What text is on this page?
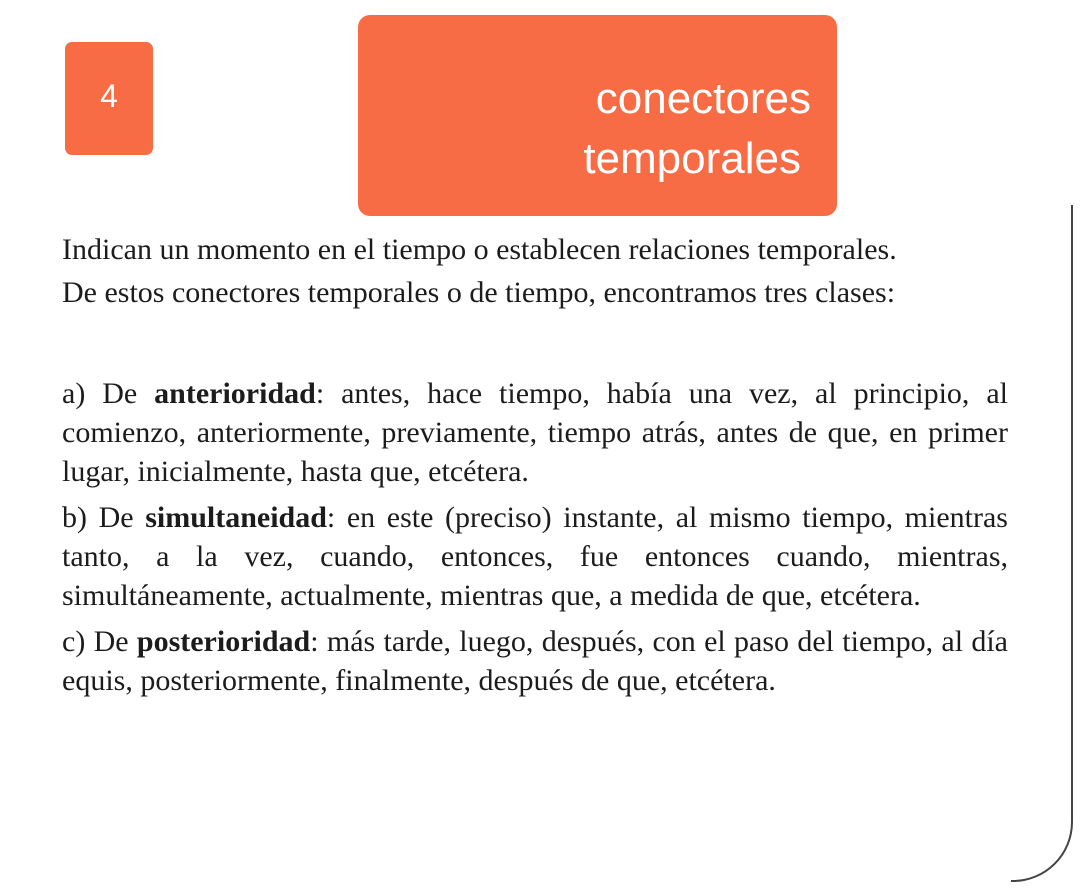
4	conectores
temporales

Indican un momento en el tiempo o establecen relaciones temporales.

De estos conectores temporales o de tiempo, encontramos tres clases:

a) De anterioridad: antes, hace tiempo, había una vez, al principio, al comienzo, anteriormente, previamente, tiempo atrás, antes de que, en primer lugar, inicialmente, hasta que, etcétera.

b) De simultaneidad: en este (preciso) instante, al mismo tiempo, mientras tanto, a la vez, cuando, entonces, fue entonces cuando, mientras, simultáneamente, actualmente, mientras que, a medida de que, etcétera.

c) De posterioridad: más tarde, luego, después, con el paso del tiempo, al día equis, posteriormente, finalmente, después de que, etcétera.
